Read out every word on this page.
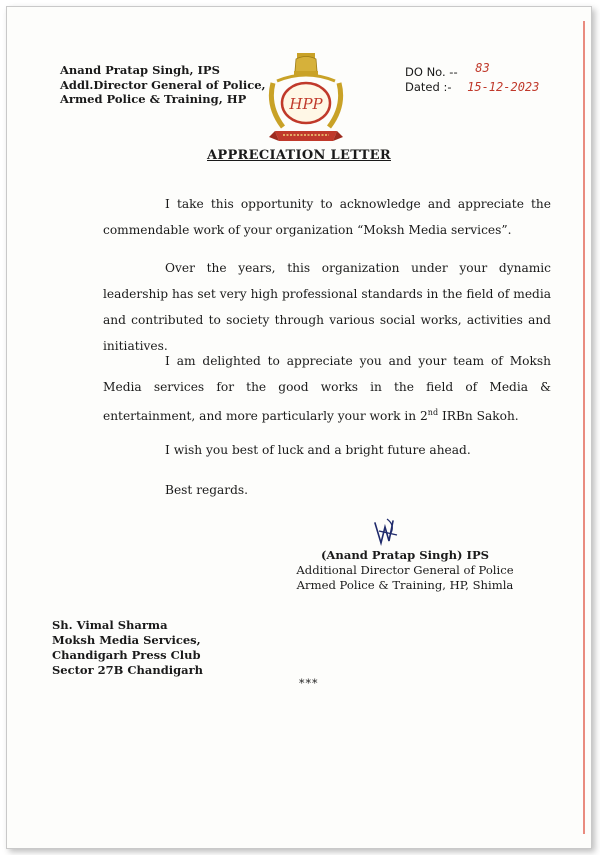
Anand Pratap Singh, IPS
Addl.Director General of Police,
Armed Police & Training, HP	HPP
DO No. -- 83
Dated :- 15-12-2023
APPRECIATION LETTER
I take this opportunity to acknowledge and appreciate the commendable work of your organization “Moksh Media services”.
Over the years, this organization under your dynamic leadership has set very high professional standards in the field of media and contributed to society through various social works, activities and initiatives.
I am delighted to appreciate you and your team of Moksh Media services for the good works in the field of Media & entertainment, and more particularly your work in 2nd IRBn Sakoh.
I wish you best of luck and a bright future ahead.
Best regards.
(Anand Pratap Singh) IPS
Additional Director General of Police
Armed Police & Training, HP, Shimla
Sh. Vimal Sharma
Moksh Media Services,
Chandigarh Press Club
Sector 27B Chandigarh
***
